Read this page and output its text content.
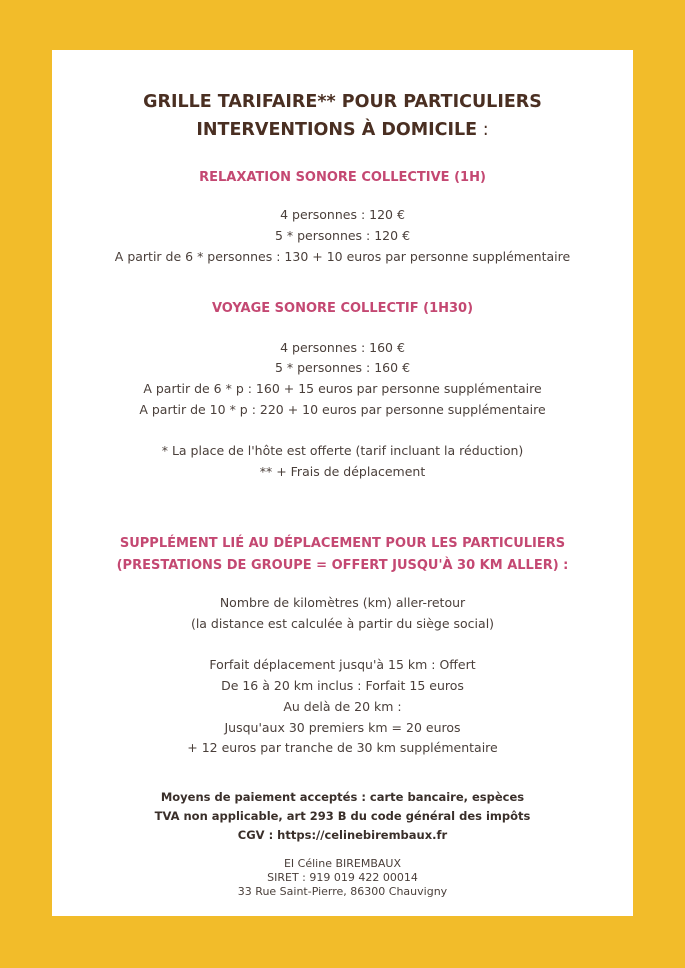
GRILLE TARIFAIRE** POUR PARTICULIERS
INTERVENTIONS À DOMICILE :
RELAXATION SONORE COLLECTIVE (1H)
4 personnes : 120 €
5 * personnes : 120 €
A partir de 6 * personnes : 130 + 10 euros par personne supplémentaire
VOYAGE SONORE COLLECTIF (1H30)
4 personnes : 160 €
5 * personnes : 160 €
A partir de 6 * p : 160 + 15 euros par personne supplémentaire
A partir de 10 * p : 220 + 10 euros par personne supplémentaire
* La place de l'hôte est offerte (tarif incluant la réduction)
** + Frais de déplacement
SUPPLÉMENT LIÉ AU DÉPLACEMENT POUR LES PARTICULIERS
(PRESTATIONS DE GROUPE = OFFERT JUSQU'À 30 KM ALLER) :
Nombre de kilomètres (km) aller-retour
(la distance est calculée à partir du siège social)
Forfait déplacement jusqu'à 15 km : Offert
De 16 à 20 km inclus : Forfait 15 euros
Au delà de 20 km :
Jusqu'aux 30 premiers km = 20 euros
+ 12 euros par tranche de 30 km supplémentaire
Moyens de paiement acceptés : carte bancaire, espèces
TVA non applicable, art 293 B du code général des impôts
CGV : https://celinebirembaux.fr
EI Céline BIREMBAUX
SIRET : 919 019 422 00014
33 Rue Saint-Pierre, 86300 Chauvigny
